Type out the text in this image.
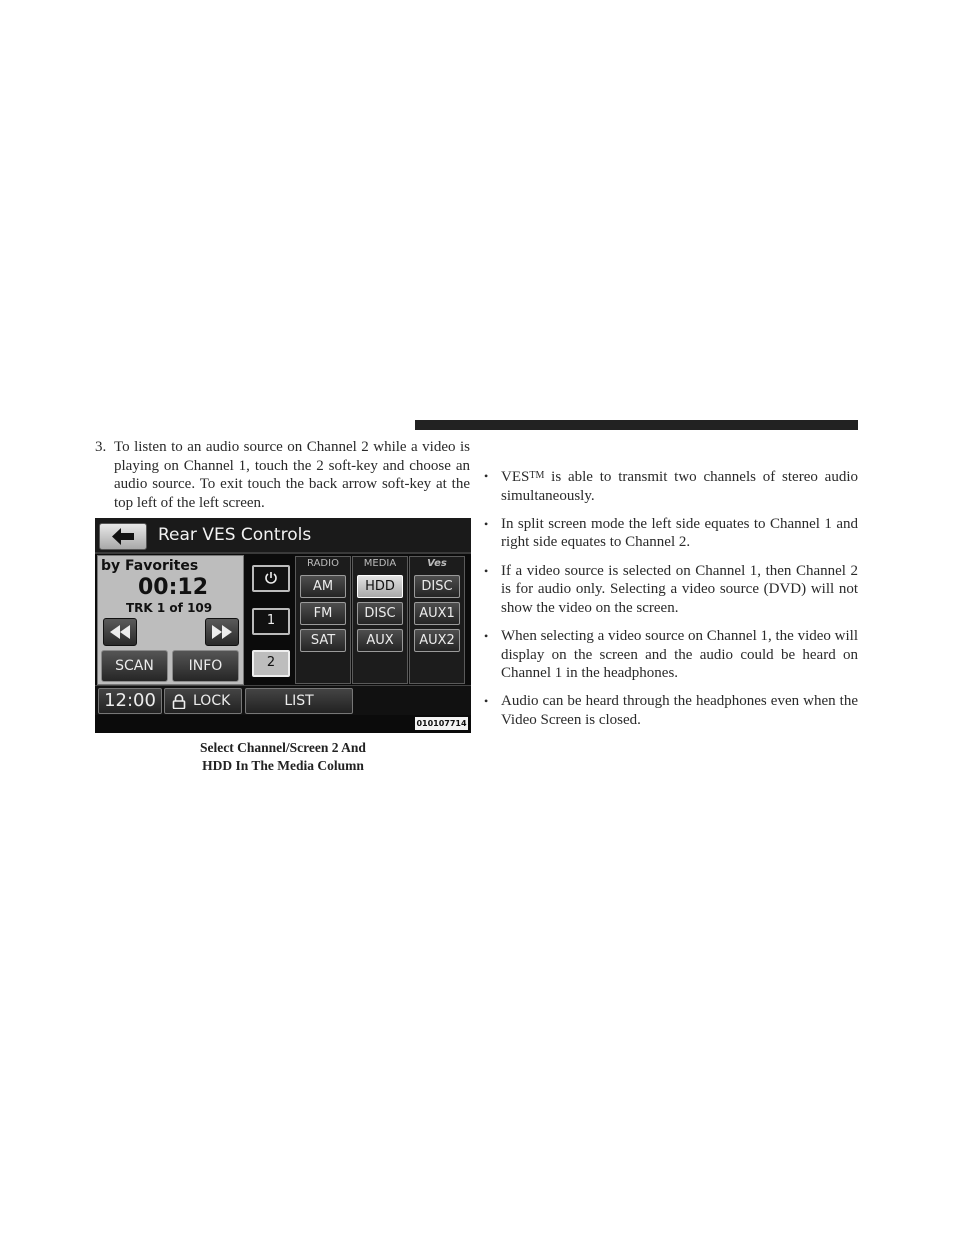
3. To listen to an audio source on Channel 2 while a video is playing on Channel 1, touch the 2 soft-key and choose an audio source. To exit touch the back arrow soft-key at the top left of the left screen.
Rear VES Controls
by Favorites
00:12
TRK 1 of 109
SCAN	INFO
1
2
RADIO
AM
FM
SAT
MEDIA
HDD
DISC
AUX
Ves
DISC
AUX1
AUX2
12:00	LOCK	LIST
010107714
Select Channel/Screen 2 And
HDD In The Media Column
• VES™ is able to transmit two channels of stereo audio simultaneously.
• In split screen mode the left side equates to Channel 1 and right side equates to Channel 2.
• If a video source is selected on Channel 1, then Channel 2 is for audio only. Selecting a video source (DVD) will not show the video on the screen.
• When selecting a video source on Channel 1, the video will display on the screen and the audio could be heard on Channel 1 in the headphones.
• Audio can be heard through the headphones even when the Video Screen is closed.
